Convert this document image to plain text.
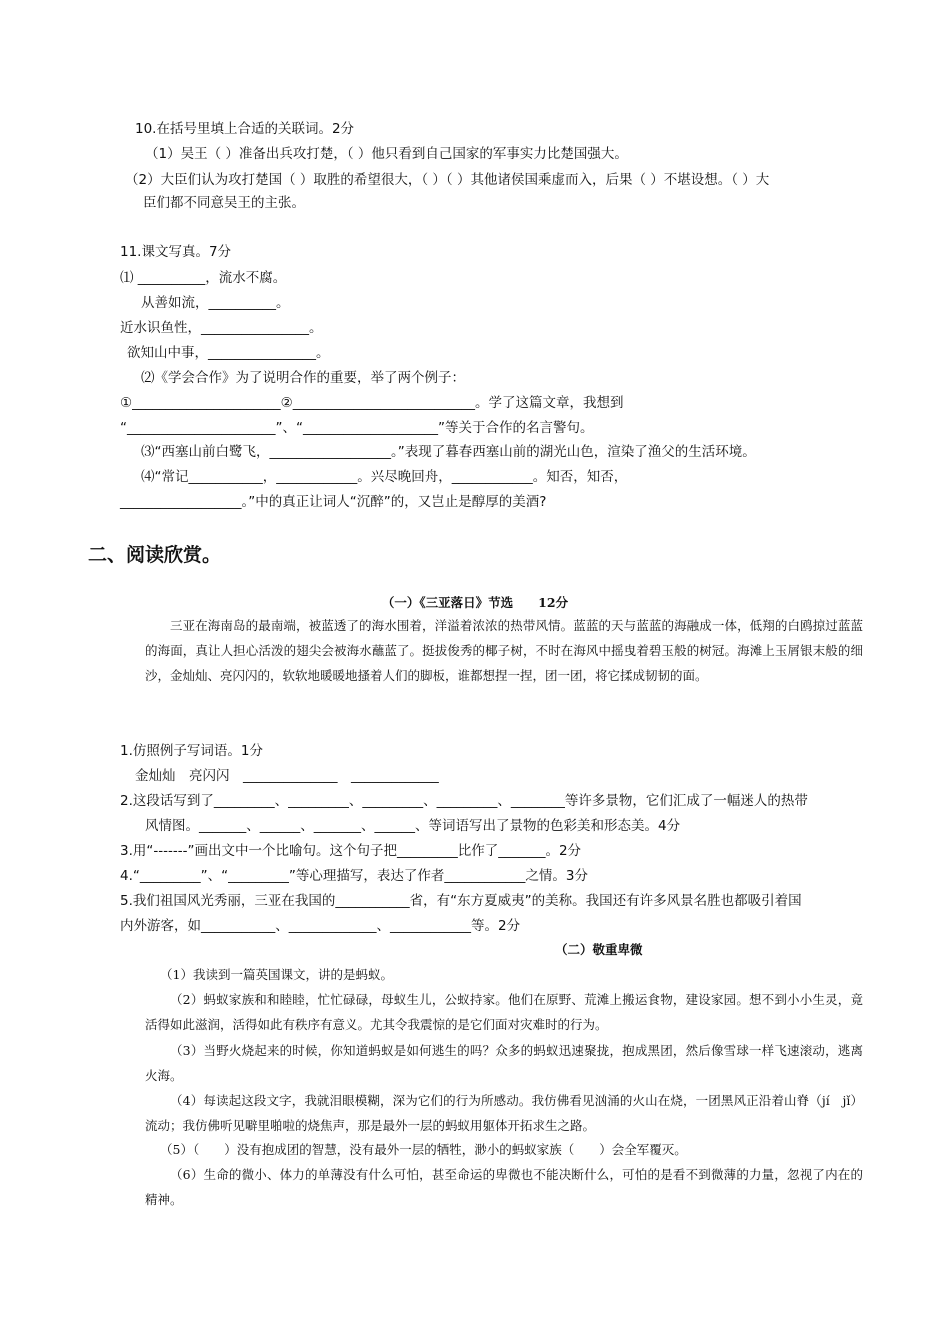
10.在括号里填上合适的关联词。2分
（1）吴王（ ）准备出兵攻打楚，（ ）他只看到自己国家的军事实力比楚国强大。
（2）大臣们认为攻打楚国（ ）取胜的希望很大，（ ）（ ）其他诸侯国乘虚而入，后果（ ）不堪设想。（ ）大
臣们都不同意吴王的主张。
11.课文写真。7分
⑴ __________，流水不腐。
从善如流，__________。
近水识鱼性，________________。
欲知山中事，________________。
⑵《学会合作》为了说明合作的重要，举了两个例子：
①______________________②___________________________。学了这篇文章，我想到
“______________________”、“____________________”等关于合作的名言警句。
⑶“西塞山前白鹭飞，__________________。”表现了暮春西塞山前的湖光山色，渲染了渔父的生活环境。
⑷“常记___________，____________。兴尽晚回舟，____________。知否，知否，
__________________。”中的真正让词人“沉醉”的，又岂止是醇厚的美酒?
二、阅读欣赏。
（一）《三亚落日》节选　　12分
三亚在海南岛的最南端，被蓝透了的海水围着，洋溢着浓浓的热带风情。蓝蓝的天与蓝蓝的海融成一体，低翔的白鸥掠过蓝蓝的海面，真让人担心活泼的翅尖会被海水蘸蓝了。挺拔俊秀的椰子树，不时在海风中摇曳着碧玉般的树冠。海滩上玉屑银末般的细沙，金灿灿、亮闪闪的，软软地暖暖地搔着人们的脚板，谁都想捏一捏，团一团，将它揉成韧韧的面。
1.仿照例子写词语。1分
金灿灿　亮闪闪　______________　_____________
2.这段话写到了_________、_________、_________、_________、________等许多景物，它们汇成了一幅迷人的热带
风情图。_______、______、_______、______、等词语写出了景物的色彩美和形态美。4分
3.用“-------”画出文中一个比喻句。这个句子把_________比作了_______。2分
4.“_________”、“_________”等心理描写，表达了作者____________之情。3分
5.我们祖国风光秀丽，三亚在我国的___________省，有“东方夏威夷”的美称。我国还有许多风景名胜也都吸引着国
内外游客，如___________、_____________、____________等。2分
（二）敬重卑微
（1）我读到一篇英国课文，讲的是蚂蚁。
（2）蚂蚁家族和和睦睦，忙忙碌碌，母蚁生儿，公蚁持家。他们在原野、荒滩上搬运食物，建设家园。想不到小小生灵，竟活得如此滋润，活得如此有秩序有意义。尤其令我震惊的是它们面对灾难时的行为。
（3）当野火烧起来的时候，你知道蚂蚁是如何逃生的吗？众多的蚂蚁迅速聚拢，抱成黑团，然后像雪球一样飞速滚动，逃离火海。
（4）每读起这段文字，我就泪眼模糊，深为它们的行为所感动。我仿佛看见汹涌的火山在烧，一团黑风正沿着山脊（jí　jǐ）流动；我仿佛听见噼里啪啦的烧焦声，那是最外一层的蚂蚁用躯体开拓求生之路。
（5）（　　）没有抱成团的智慧，没有最外一层的牺牲，渺小的蚂蚁家族（　　）会全军覆灭。
（6）生命的微小、体力的单薄没有什么可怕，甚至命运的卑微也不能决断什么，可怕的是看不到微薄的力量，忽视了内在的精神。
